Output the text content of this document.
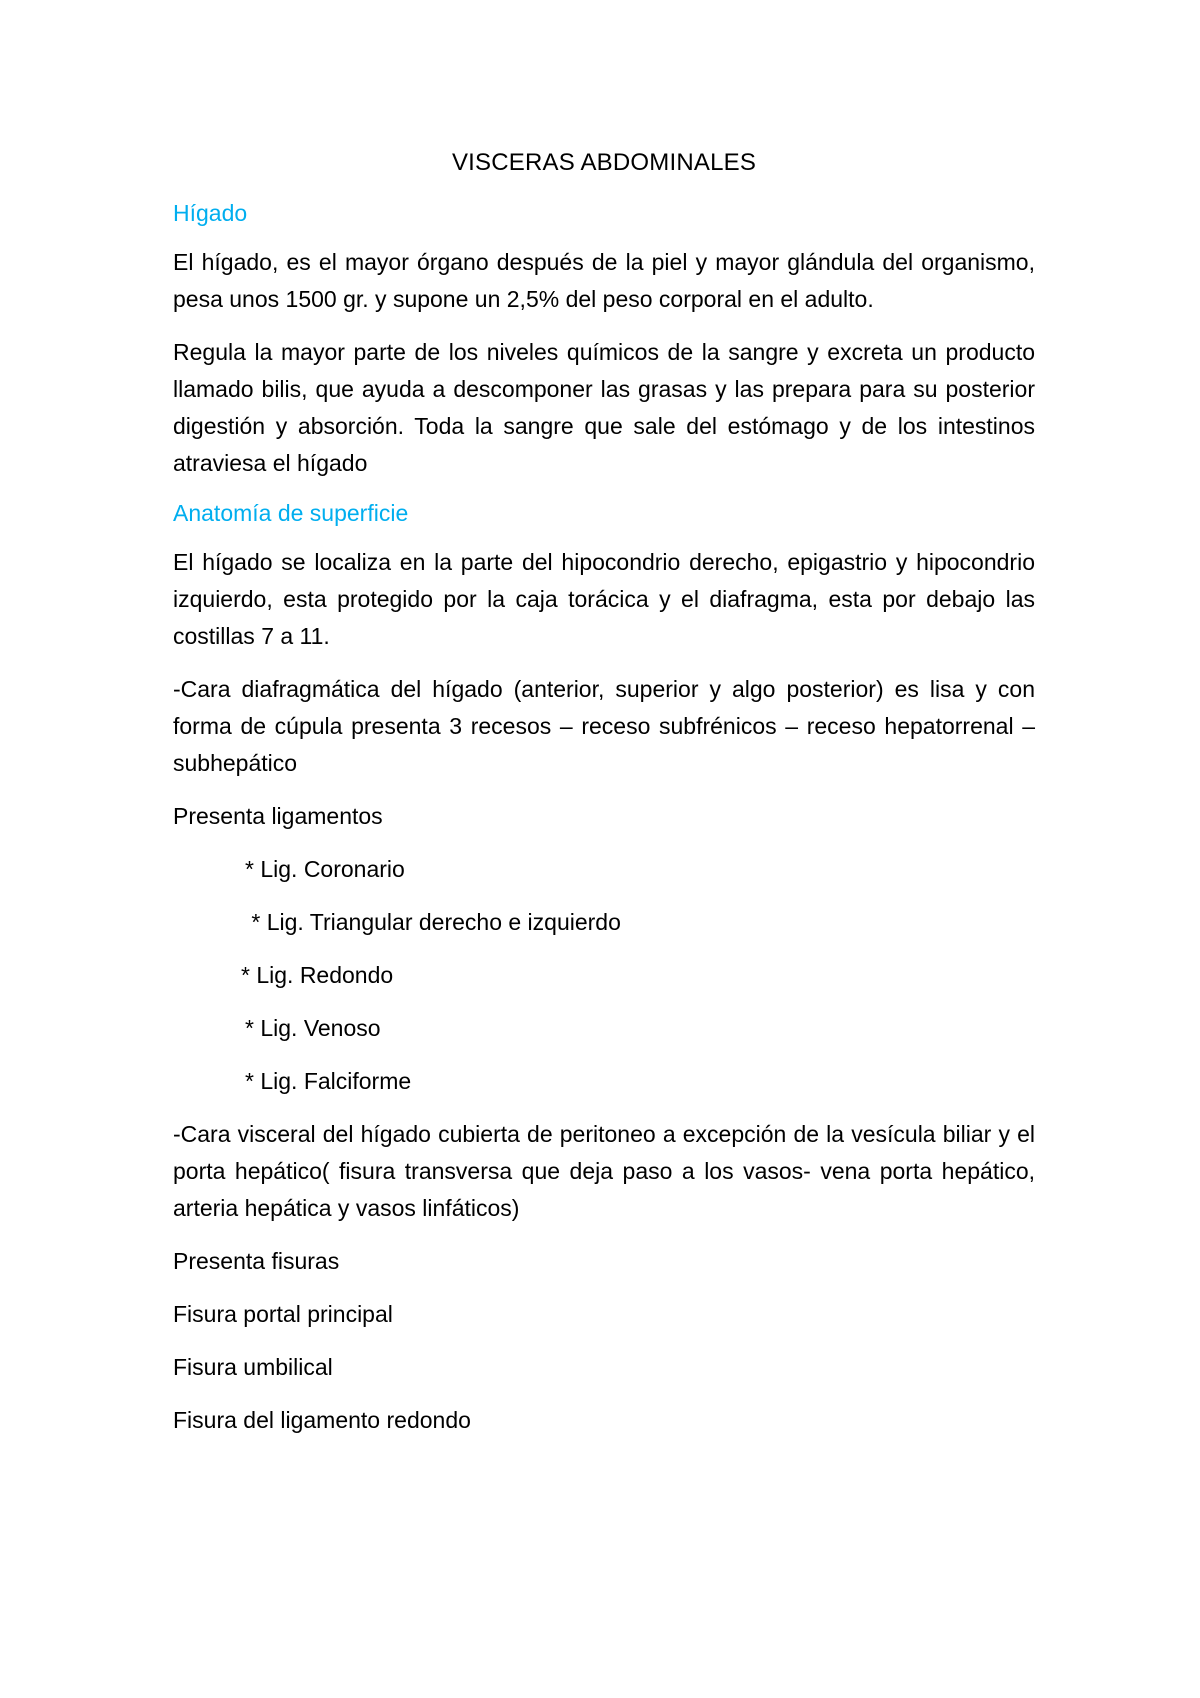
VISCERAS ABDOMINALES
Hígado
El hígado, es el mayor órgano después de la piel y mayor glándula del organismo, pesa unos 1500 gr. y supone un 2,5% del peso corporal en el adulto.
Regula la mayor parte de los niveles químicos de la sangre y excreta un producto llamado bilis, que ayuda a descomponer las grasas y las prepara para su posterior digestión y absorción. Toda la sangre que sale del estómago y de los intestinos atraviesa el hígado
Anatomía de superficie
El hígado se localiza en la parte del hipocondrio derecho, epigastrio y hipocondrio izquierdo, esta protegido por la caja torácica y el diafragma, esta por debajo las costillas 7 a 11.
-Cara diafragmática del hígado (anterior, superior y algo posterior) es lisa y con forma de cúpula presenta 3 recesos – receso subfrénicos – receso hepatorrenal – subhepático
Presenta ligamentos
* Lig. Coronario
* Lig. Triangular derecho e izquierdo
* Lig. Redondo
* Lig. Venoso
* Lig. Falciforme
-Cara visceral del hígado cubierta de peritoneo a excepción de la vesícula biliar y el porta hepático( fisura transversa que deja paso a los vasos- vena porta hepático, arteria hepática y vasos linfáticos)
Presenta fisuras
Fisura portal principal
Fisura umbilical
Fisura del ligamento redondo
